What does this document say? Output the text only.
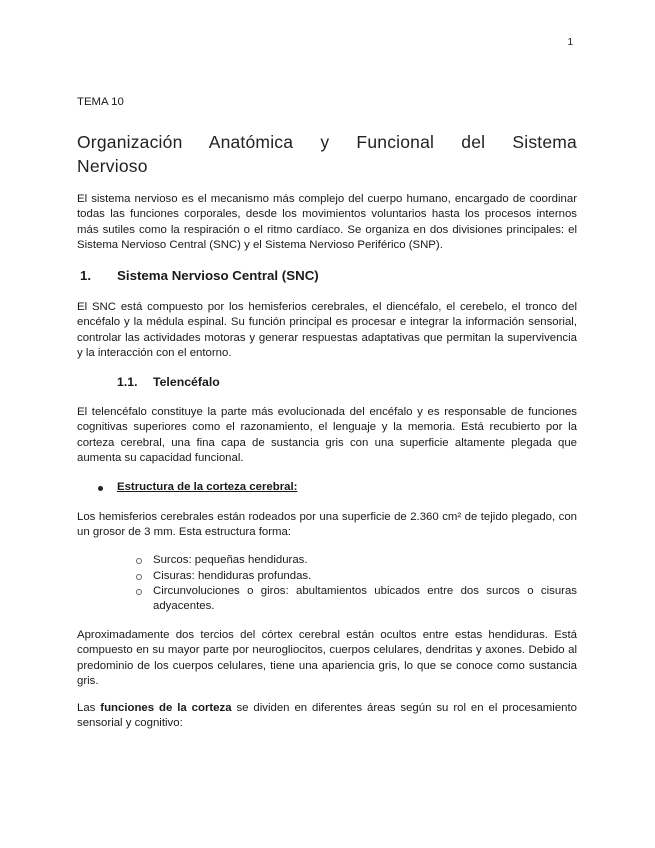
1
TEMA 10
Organización Anatómica y Funcional del Sistema
Nervioso
El sistema nervioso es el mecanismo más complejo del cuerpo humano, encargado de coordinar todas las funciones corporales, desde los movimientos voluntarios hasta los procesos internos más sutiles como la respiración o el ritmo cardíaco. Se organiza en dos divisiones principales: el Sistema Nervioso Central (SNC) y el Sistema Nervioso Periférico (SNP).
1. Sistema Nervioso Central (SNC)
El SNC está compuesto por los hemisferios cerebrales, el diencéfalo, el cerebelo, el tronco del encéfalo y la médula espinal. Su función principal es procesar e integrar la información sensorial, controlar las actividades motoras y generar respuestas adaptativas que permitan la supervivencia y la interacción con el entorno.
1.1. Telencéfalo
El telencéfalo constituye la parte más evolucionada del encéfalo y es responsable de funciones cognitivas superiores como el razonamiento, el lenguaje y la memoria. Está recubierto por la corteza cerebral, una fina capa de sustancia gris con una superficie altamente plegada que aumenta su capacidad funcional.
Estructura de la corteza cerebral:
Los hemisferios cerebrales están rodeados por una superficie de 2.360 cm² de tejido plegado, con un grosor de 3 mm. Esta estructura forma:
Surcos: pequeñas hendiduras.
Cisuras: hendiduras profundas.
Circunvoluciones o giros: abultamientos ubicados entre dos surcos o cisuras adyacentes.
Aproximadamente dos tercios del córtex cerebral están ocultos entre estas hendiduras. Está compuesto en su mayor parte por neurogliocitos, cuerpos celulares, dendritas y axones. Debido al predominio de los cuerpos celulares, tiene una apariencia gris, lo que se conoce como sustancia gris.
Las funciones de la corteza se dividen en diferentes áreas según su rol en el procesamiento sensorial y cognitivo:
